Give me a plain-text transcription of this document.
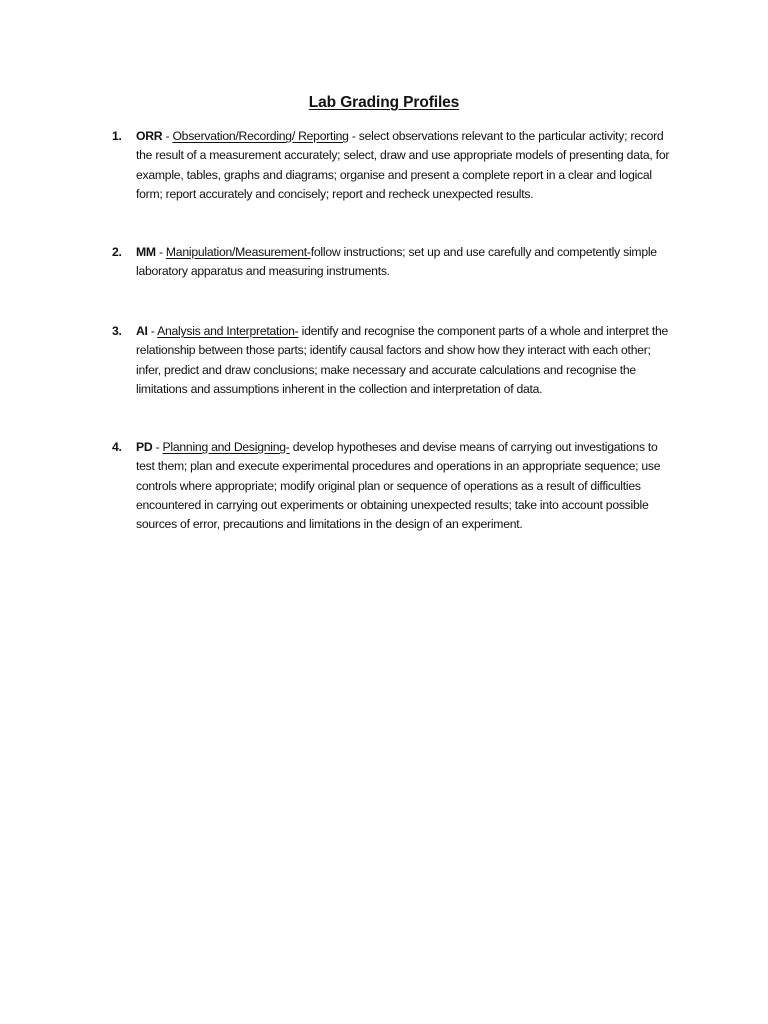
Lab Grading Profiles
1.	ORR - Observation/Recording/ Reporting - select observations relevant to the particular activity; record the result of a measurement accurately; select, draw and use appropriate models of presenting data, for example, tables, graphs and diagrams; organise and present a complete report in a clear and logical form; report accurately and concisely; report and recheck unexpected results.
2.	MM - Manipulation/Measurement-follow instructions; set up and use carefully and competently simple laboratory apparatus and measuring instruments.
3.	AI - Analysis and Interpretation- identify and recognise the component parts of a whole and interpret the relationship between those parts; identify causal factors and show how they interact with each other; infer, predict and draw conclusions; make necessary and accurate calculations and recognise the limitations and assumptions inherent in the collection and interpretation of data.
4.	PD - Planning and Designing- develop hypotheses and devise means of carrying out investigations to test them; plan and execute experimental procedures and operations in an appropriate sequence; use controls where appropriate; modify original plan or sequence of operations as a result of difficulties encountered in carrying out experiments or obtaining unexpected results; take into account possible sources of error, precautions and limitations in the design of an experiment.
